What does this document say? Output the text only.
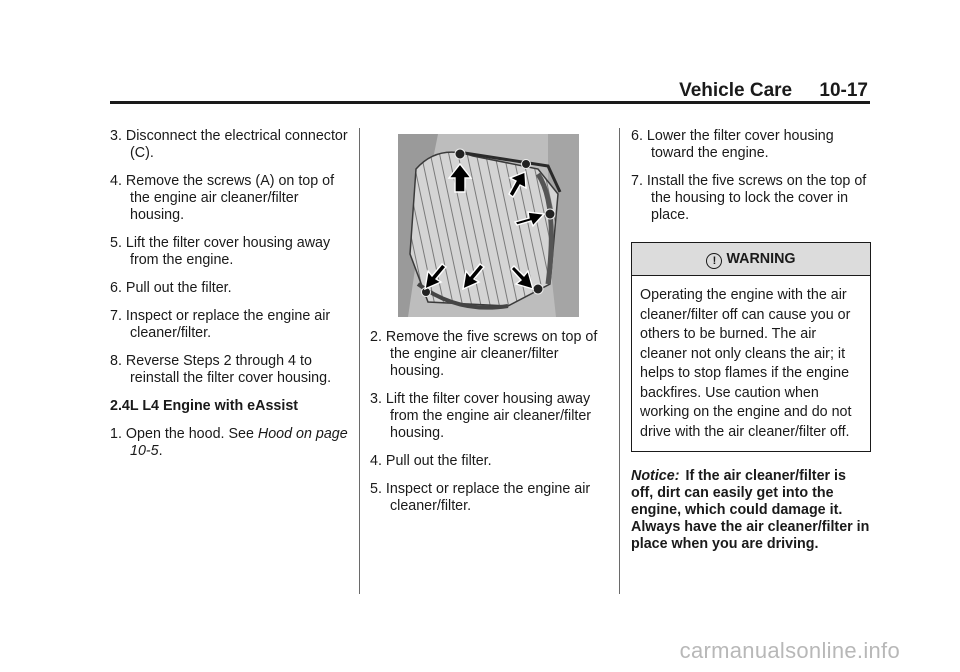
Vehicle Care 10-17
3. Disconnect the electrical connector (C).
4. Remove the screws (A) on top of the engine air cleaner/filter housing.
5. Lift the filter cover housing away from the engine.
6. Pull out the filter.
7. Inspect or replace the engine air cleaner/filter.
8. Reverse Steps 2 through 4 to reinstall the filter cover housing.
2.4L L4 Engine with eAssist
1. Open the hood. See Hood on page 10-5.
2. Remove the five screws on top of the engine air cleaner/filter housing.
3. Lift the filter cover housing away from the engine air cleaner/filter housing.
4. Pull out the filter.
5. Inspect or replace the engine air cleaner/filter.
6. Lower the filter cover housing toward the engine.
7. Install the five screws on the top of the housing to lock the cover in place.
! WARNING
Operating the engine with the air cleaner/filter off can cause you or others to be burned. The air cleaner not only cleans the air; it helps to stop flames if the engine backfires. Use caution when working on the engine and do not drive with the air cleaner/filter off.
Notice: If the air cleaner/filter is off, dirt can easily get into the engine, which could damage it. Always have the air cleaner/filter in place when you are driving.
carmanualsonline.info
